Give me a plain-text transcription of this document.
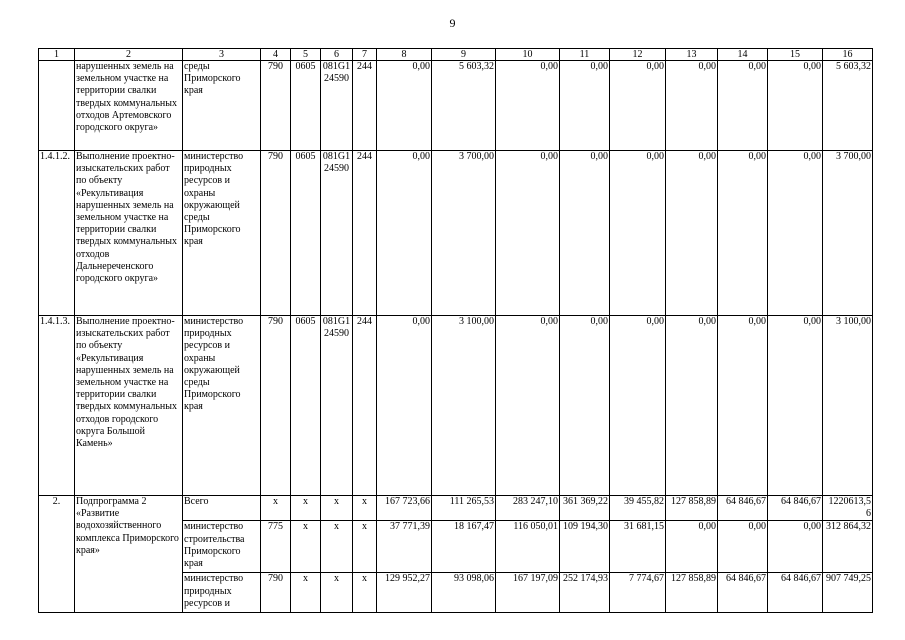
9
1	2	3	4	5	6	7	8	9	10	11	12	13	14	15	16
	нарушенных земель на земельном участке на территории свалки твердых коммунальных отходов Артемовского городского округа»	среды Приморского края	790	0605	081G1 24590	244	0,00	5 603,32	0,00	0,00	0,00	0,00	0,00	0,00	5 603,32
1.4.1.2.	Выполнение проектно-изыскательских работ по объекту «Рекультивация нарушенных земель на земельном участке на территории свалки твердых коммунальных отходов Дальнереченского городского округа»	министерство природных ресурсов и охраны окружающей среды Приморского края	790	0605	081G1 24590	244	0,00	3 700,00	0,00	0,00	0,00	0,00	0,00	0,00	3 700,00
1.4.1.3.	Выполнение проектно-изыскательских работ по объекту «Рекультивация нарушенных земель на земельном участке на территории свалки твердых коммунальных отходов городского округа Большой Камень»	министерство природных ресурсов и охраны окружающей среды Приморского края	790	0605	081G1 24590	244	0,00	3 100,00	0,00	0,00	0,00	0,00	0,00	0,00	3 100,00
2.	Подпрограмма 2 «Развитие водохозяйственного комплекса Приморского края»	Всего	x	x	x	x	167 723,66	111 265,53	283 247,10	361 369,22	39 455,82	127 858,89	64 846,67	64 846,67	1220613,56
		министерство строительства Приморского края	775	x	x	x	37 771,39	18 167,47	116 050,01	109 194,30	31 681,15	0,00	0,00	0,00	312 864,32
		министерство природных ресурсов и	790	x	x	x	129 952,27	93 098,06	167 197,09	252 174,93	7 774,67	127 858,89	64 846,67	64 846,67	907 749,25
